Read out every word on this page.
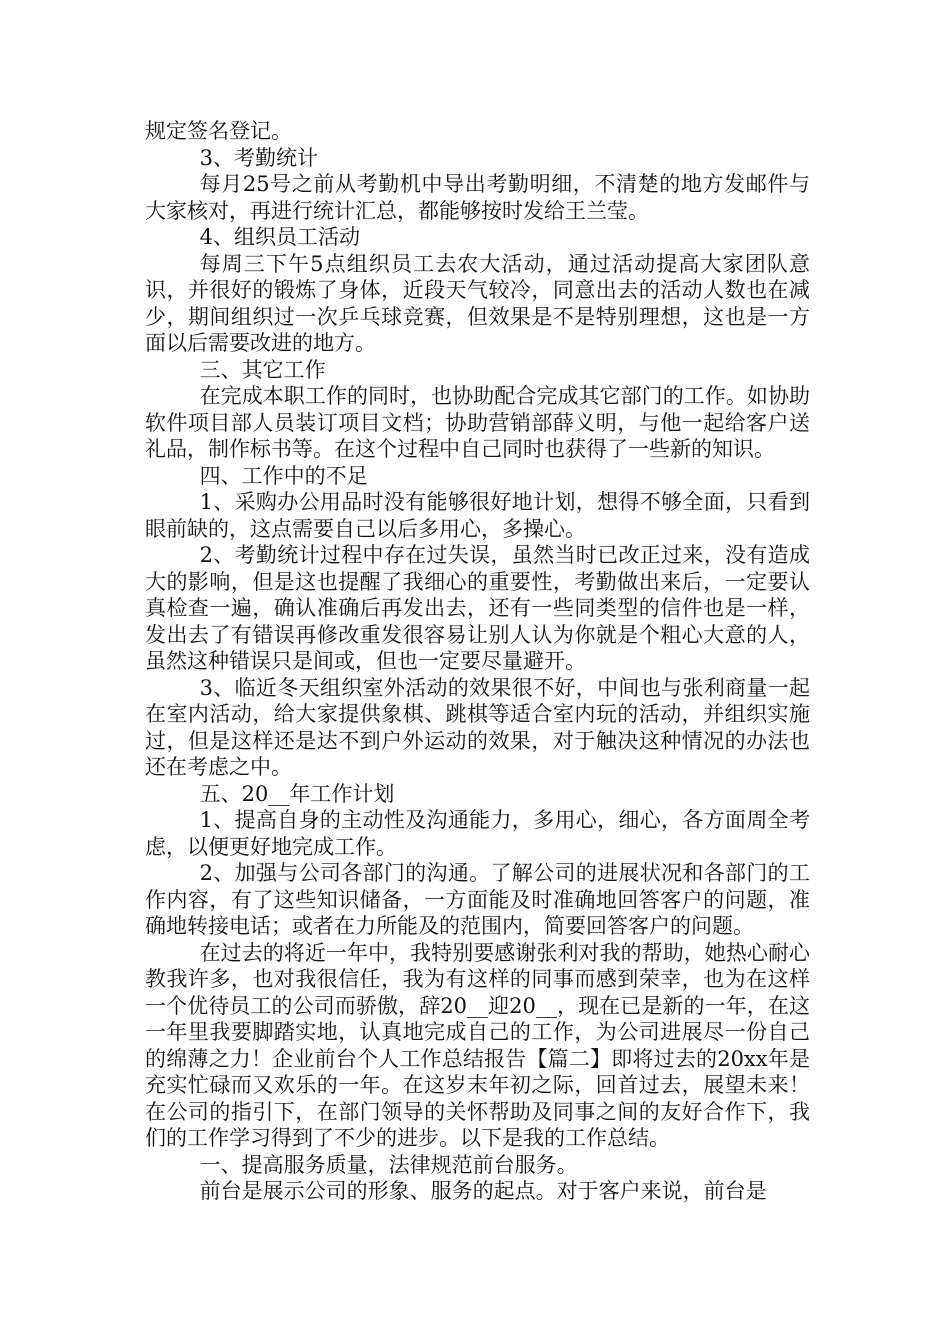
规定签名登记。

3、考勤统计

每月25号之前从考勤机中导出考勤明细，不清楚的地方发邮件与大家核对，再进行统计汇总，都能够按时发给王兰莹。

4、组织员工活动

每周三下午5点组织员工去农大活动，通过活动提高大家团队意识，并很好的锻炼了身体，近段天气较冷，同意出去的活动人数也在减少，期间组织过一次乒乓球竞赛，但效果是不是特别理想，这也是一方面以后需要改进的地方。

三、其它工作

在完成本职工作的同时，也协助配合完成其它部门的工作。如协助软件项目部人员装订项目文档；协助营销部薛义明，与他一起给客户送礼品，制作标书等。在这个过程中自己同时也获得了一些新的知识。

四、工作中的不足

1、采购办公用品时没有能够很好地计划，想得不够全面，只看到眼前缺的，这点需要自己以后多用心，多操心。

2、考勤统计过程中存在过失误，虽然当时已改正过来，没有造成大的影响，但是这也提醒了我细心的重要性，考勤做出来后，一定要认真检查一遍，确认准确后再发出去，还有一些同类型的信件也是一样，发出去了有错误再修改重发很容易让别人认为你就是个粗心大意的人，虽然这种错误只是间或，但也一定要尽量避开。

3、临近冬天组织室外活动的效果很不好，中间也与张利商量一起在室内活动，给大家提供象棋、跳棋等适合室内玩的活动，并组织实施过，但是这样还是达不到户外运动的效果，对于触决这种情况的办法也还在考虑之中。

五、20__年工作计划

1、提高自身的主动性及沟通能力，多用心，细心，各方面周全考虑，以便更好地完成工作。

2、加强与公司各部门的沟通。了解公司的进展状况和各部门的工作内容，有了这些知识储备，一方面能及时准确地回答客户的问题，准确地转接电话；或者在力所能及的范围内，简要回答客户的问题。

在过去的将近一年中，我特别要感谢张利对我的帮助，她热心耐心教我许多，也对我很信任，我为有这样的同事而感到荣幸，也为在这样一个优待员工的公司而骄傲，辞20__迎20__，现在已是新的一年，在这一年里我要脚踏实地，认真地完成自己的工作，为公司进展尽一份自己的绵薄之力！企业前台个人工作总结报告【篇二】即将过去的20xx年是充实忙碌而又欢乐的一年。在这岁末年初之际，回首过去，展望未来！在公司的指引下，在部门领导的关怀帮助及同事之间的友好合作下，我们的工作学习得到了不少的进步。以下是我的工作总结。

一、提高服务质量，法律规范前台服务。

前台是展示公司的形象、服务的起点。对于客户来说，前台是
